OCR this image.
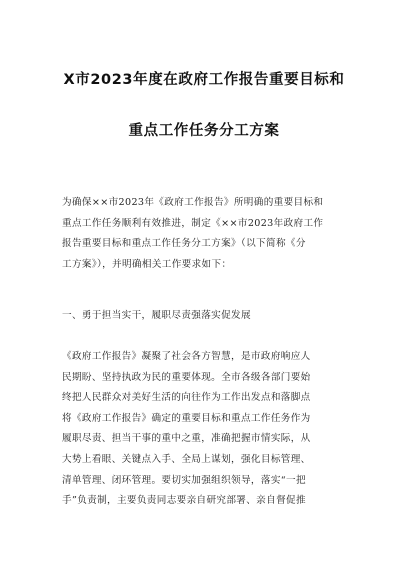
X市2023年度在政府工作报告重要目标和
重点工作任务分工方案
为确保××市2023年《政府工作报告》所明确的重要目标和
重点工作任务顺利有效推进，制定《××市2023年政府工作
报告重要目标和重点工作任务分工方案》（以下简称《分
工方案》），并明确相关工作要求如下：
一、勇于担当实干，履职尽责强落实促发展
《政府工作报告》凝聚了社会各方智慧，是市政府响应人
民期盼、坚持执政为民的重要体现。全市各级各部门要始
终把人民群众对美好生活的向往作为工作出发点和落脚点
将《政府工作报告》确定的重要目标和重点工作任务作为
履职尽责、担当干事的重中之重，准确把握市情实际，从
大势上看眼、关键点入手、全局上谋划，强化目标管理、
清单管理、闭环管理。要切实加强组织领导，落实“一把
手”负责制，主要负责同志要亲自研究部署、亲自督促推
